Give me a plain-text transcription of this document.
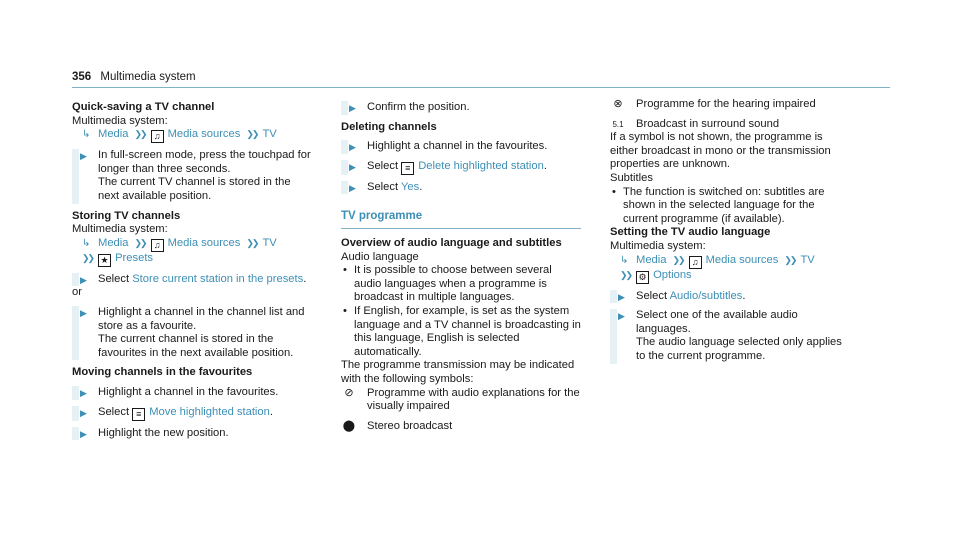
356 Multimedia system

Quick-saving a TV channel

Multimedia system:

↳ Media ❯❯ ♫ Media sources ❯❯ TV

▶ In full-screen mode, press the touchpad for longer than three seconds.

The current TV channel is stored in the next available position.

Storing TV channels

Multimedia system:

↳ Media ❯❯ ♫ Media sources ❯❯ TV

❯❯ ★ Presets

▶ Select Store current station in the presets.

or

▶ Highlight a channel in the channel list and store as a favourite.

The current channel is stored in the favourites in the next available position.

Moving channels in the favourites

▶ Highlight a channel in the favourites.

▶ Select ≡ Move highlighted station.

▶ Highlight the new position.

▶ Confirm the position.

Deleting channels

▶ Highlight a channel in the favourites.

▶ Select ≡ Delete highlighted station.

▶ Select Yes.

TV programme

Overview of audio language and subtitles

Audio language

• It is possible to choose between several audio languages when a programme is broadcast in multiple languages.

• If English, for example, is set as the system language and a TV channel is broadcasting in this language, English is selected automatically.

The programme transmission may be indicated with the following symbols:

⊘ Programme with audio explanations for the visually impaired

⬤ Stereo broadcast

⊗ Programme for the hearing impaired

5.1 Broadcast in surround sound

If a symbol is not shown, the programme is either broadcast in mono or the transmission properties are unknown.

Subtitles

• The function is switched on: subtitles are shown in the selected language for the current programme (if available).

Setting the TV audio language

Multimedia system:

↳ Media ❯❯ ♫ Media sources ❯❯ TV

❯❯ ⚙ Options

▶ Select Audio/subtitles.

▶ Select one of the available audio languages.

The audio language selected only applies to the current programme.
